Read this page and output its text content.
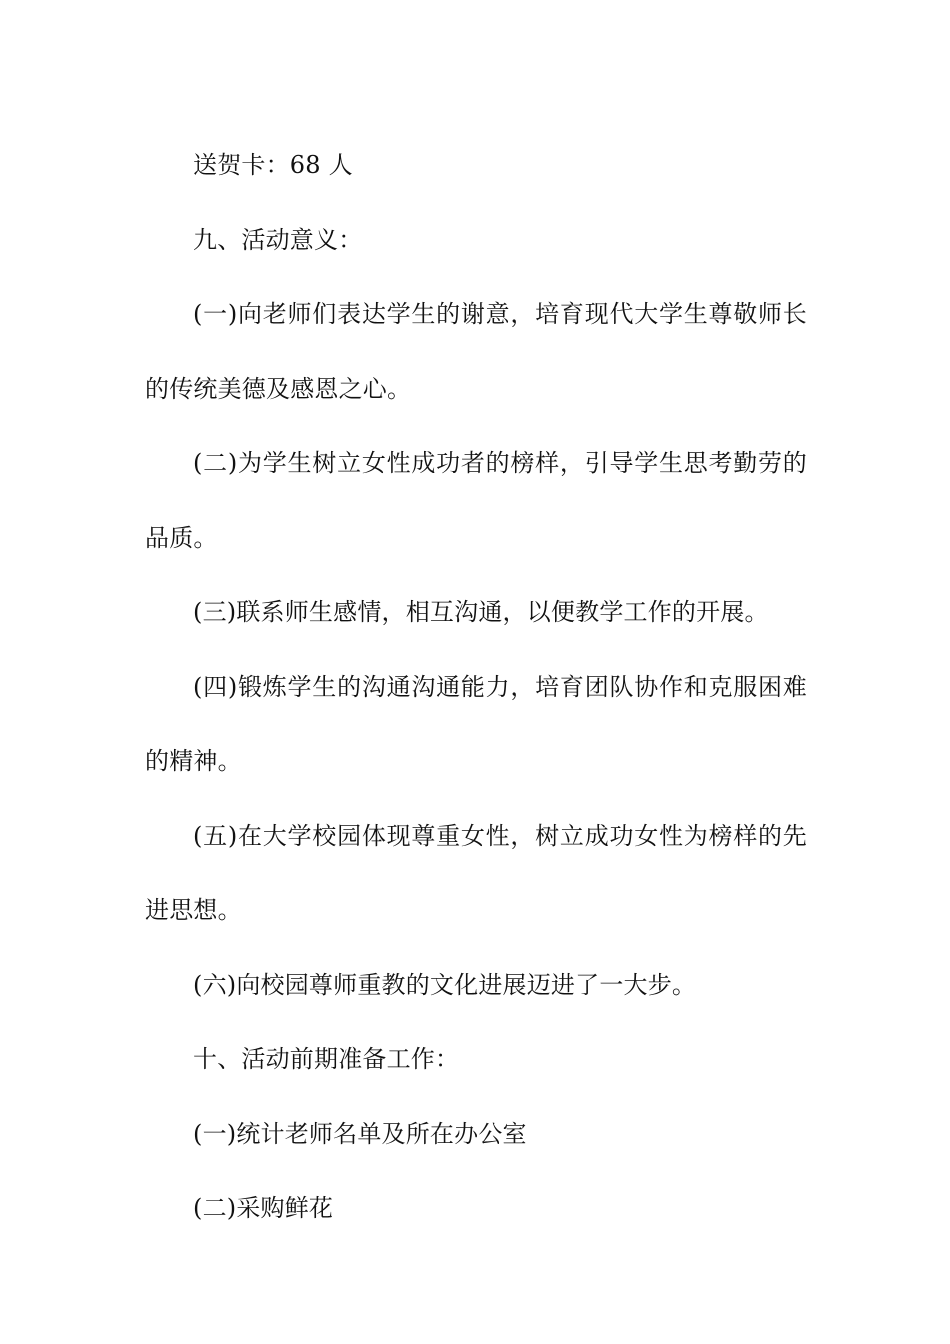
送贺卡：68 人

九、活动意义：

(一)向老师们表达学生的谢意，培育现代大学生尊敬师长的传统美德及感恩之心。

(二)为学生树立女性成功者的榜样，引导学生思考勤劳的品质。

(三)联系师生感情，相互沟通，以便教学工作的开展。

(四)锻炼学生的沟通沟通能力，培育团队协作和克服困难的精神。

(五)在大学校园体现尊重女性，树立成功女性为榜样的先进思想。

(六)向校园尊师重教的文化进展迈进了一大步。

十、活动前期准备工作：

(一)统计老师名单及所在办公室

(二)采购鲜花
